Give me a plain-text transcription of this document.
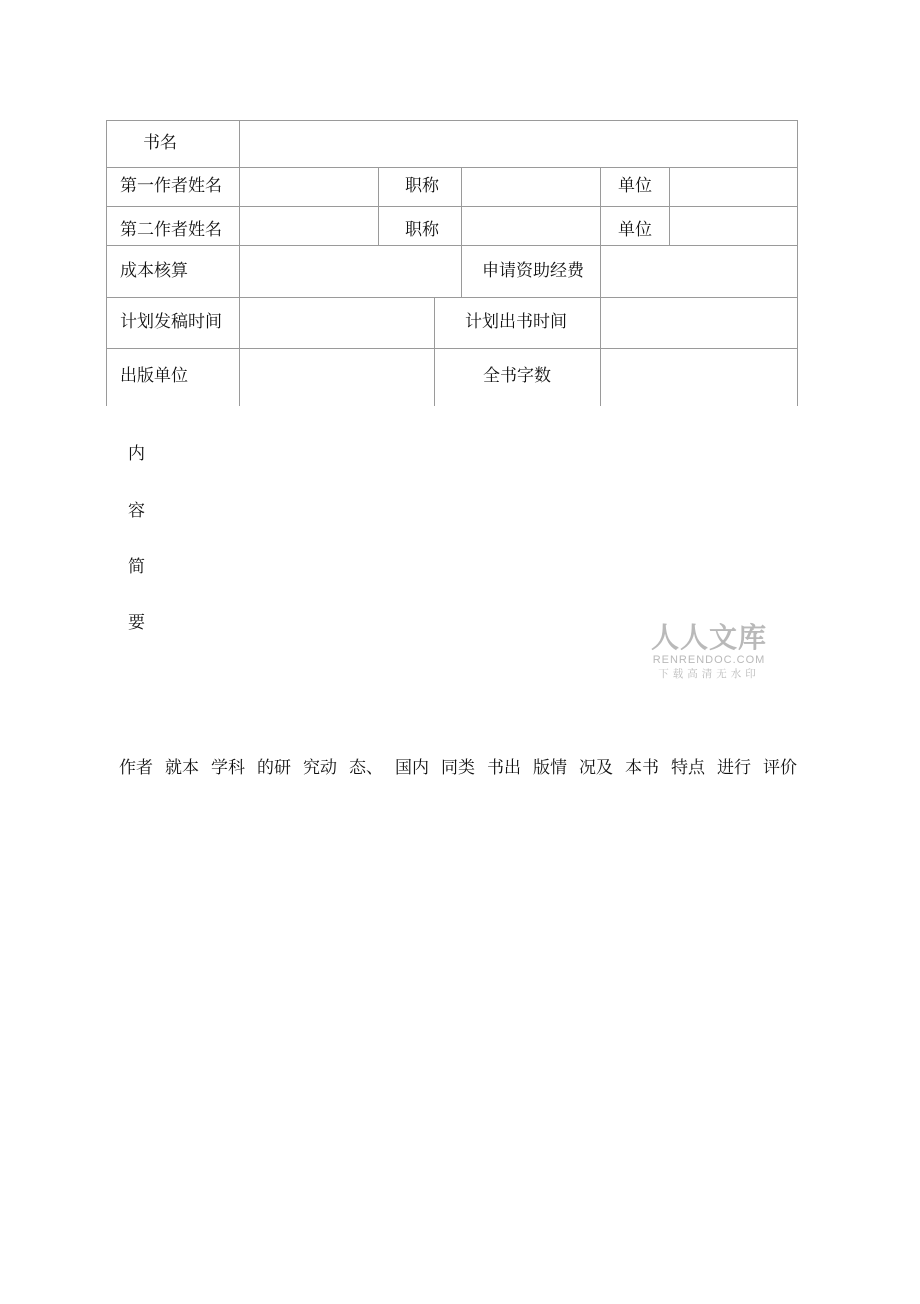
书名
第一作者姓名	职称	单位
第二作者姓名	职称	单位
成本核算	申请资助经费
计划发稿时间	计划出书时间
出版单位	全书字数
内
容
简
要	人人文库
RENRENDOC.COM
下载高清无水印
作者 就本 学科 的研 究动 态、 国内 同类 书出 版情 况及 本书 特点 进行 评价
